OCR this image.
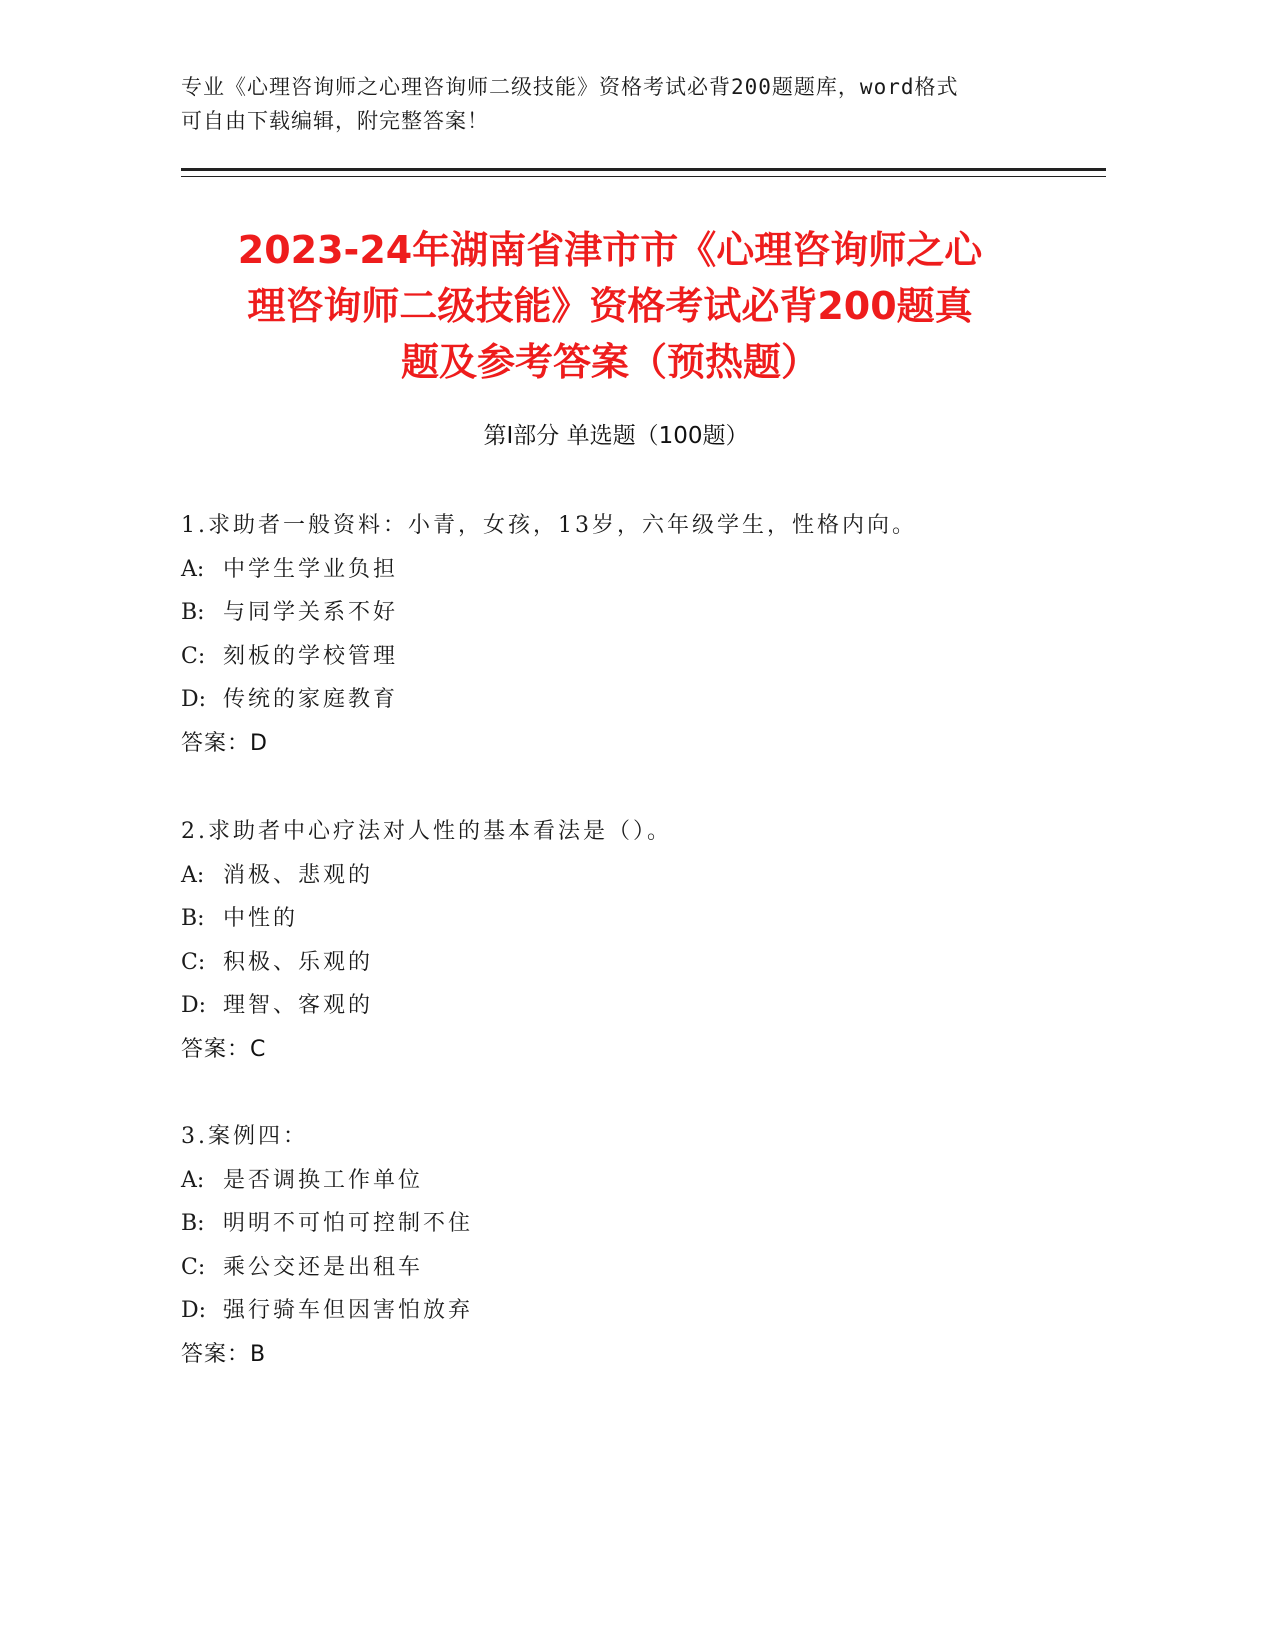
专业《心理咨询师之心理咨询师二级技能》资格考试必背200题题库，word格式
可自由下载编辑，附完整答案！
2023-24年湖南省津市市《心理咨询师之心
理咨询师二级技能》资格考试必背200题真
题及参考答案（预热题）
第Ⅰ部分 单选题（100题）
1.求助者一般资料：小青，女孩，13岁，六年级学生，性格内向。
A: 中学生学业负担
B: 与同学关系不好
C: 刻板的学校管理
D: 传统的家庭教育
答案：D
2.求助者中心疗法对人性的基本看法是（）。
A: 消极、悲观的
B: 中性的
C: 积极、乐观的
D: 理智、客观的
答案：C
3.案例四：
A: 是否调换工作单位
B: 明明不可怕可控制不住
C: 乘公交还是出租车
D: 强行骑车但因害怕放弃
答案：B
